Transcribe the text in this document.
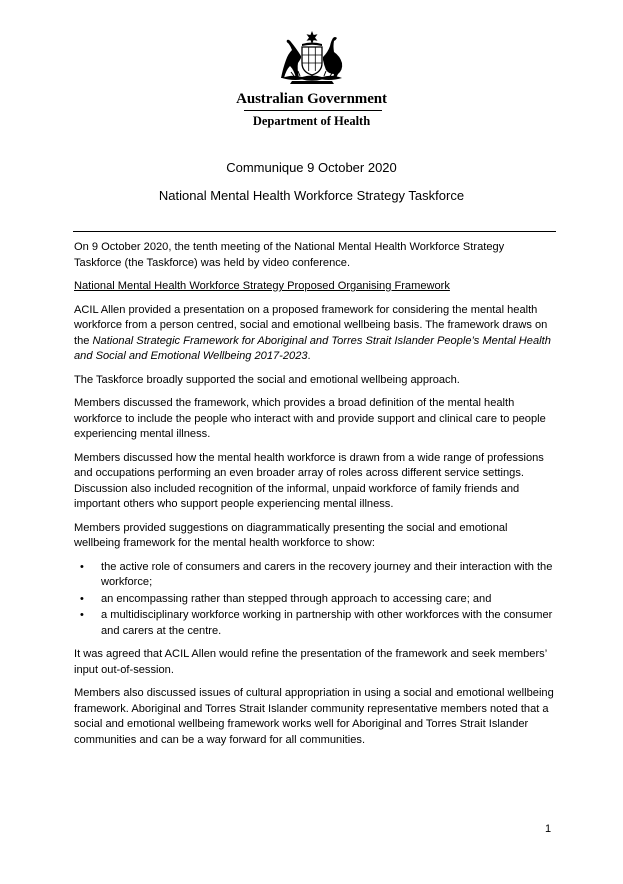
Australian Government
Department of Health
Communique 9 October 2020
National Mental Health Workforce Strategy Taskforce

On 9 October 2020, the tenth meeting of the National Mental Health Workforce Strategy Taskforce (the Taskforce) was held by video conference.

National Mental Health Workforce Strategy Proposed Organising Framework

ACIL Allen provided a presentation on a proposed framework for considering the mental health workforce from a person centred, social and emotional wellbeing basis. The framework draws on the National Strategic Framework for Aboriginal and Torres Strait Islander People’s Mental Health and Social and Emotional Wellbeing 2017-2023.

The Taskforce broadly supported the social and emotional wellbeing approach.

Members discussed the framework, which provides a broad definition of the mental health workforce to include the people who interact with and provide support and clinical care to people experiencing mental illness.

Members discussed how the mental health workforce is drawn from a wide range of professions and occupations performing an even broader array of roles across different service settings. Discussion also included recognition of the informal, unpaid workforce of family friends and important others who support people experiencing mental illness.

Members provided suggestions on diagrammatically presenting the social and emotional wellbeing framework for the mental health workforce to show:

• the active role of consumers and carers in the recovery journey and their interaction with the workforce;
• an encompassing rather than stepped through approach to accessing care; and
• a multidisciplinary workforce working in partnership with other workforces with the consumer and carers at the centre.

It was agreed that ACIL Allen would refine the presentation of the framework and seek members’ input out-of-session.

Members also discussed issues of cultural appropriation in using a social and emotional wellbeing framework. Aboriginal and Torres Strait Islander community representative members noted that a social and emotional wellbeing framework works well for Aboriginal and Torres Strait Islander communities and can be a way forward for all communities.

1
